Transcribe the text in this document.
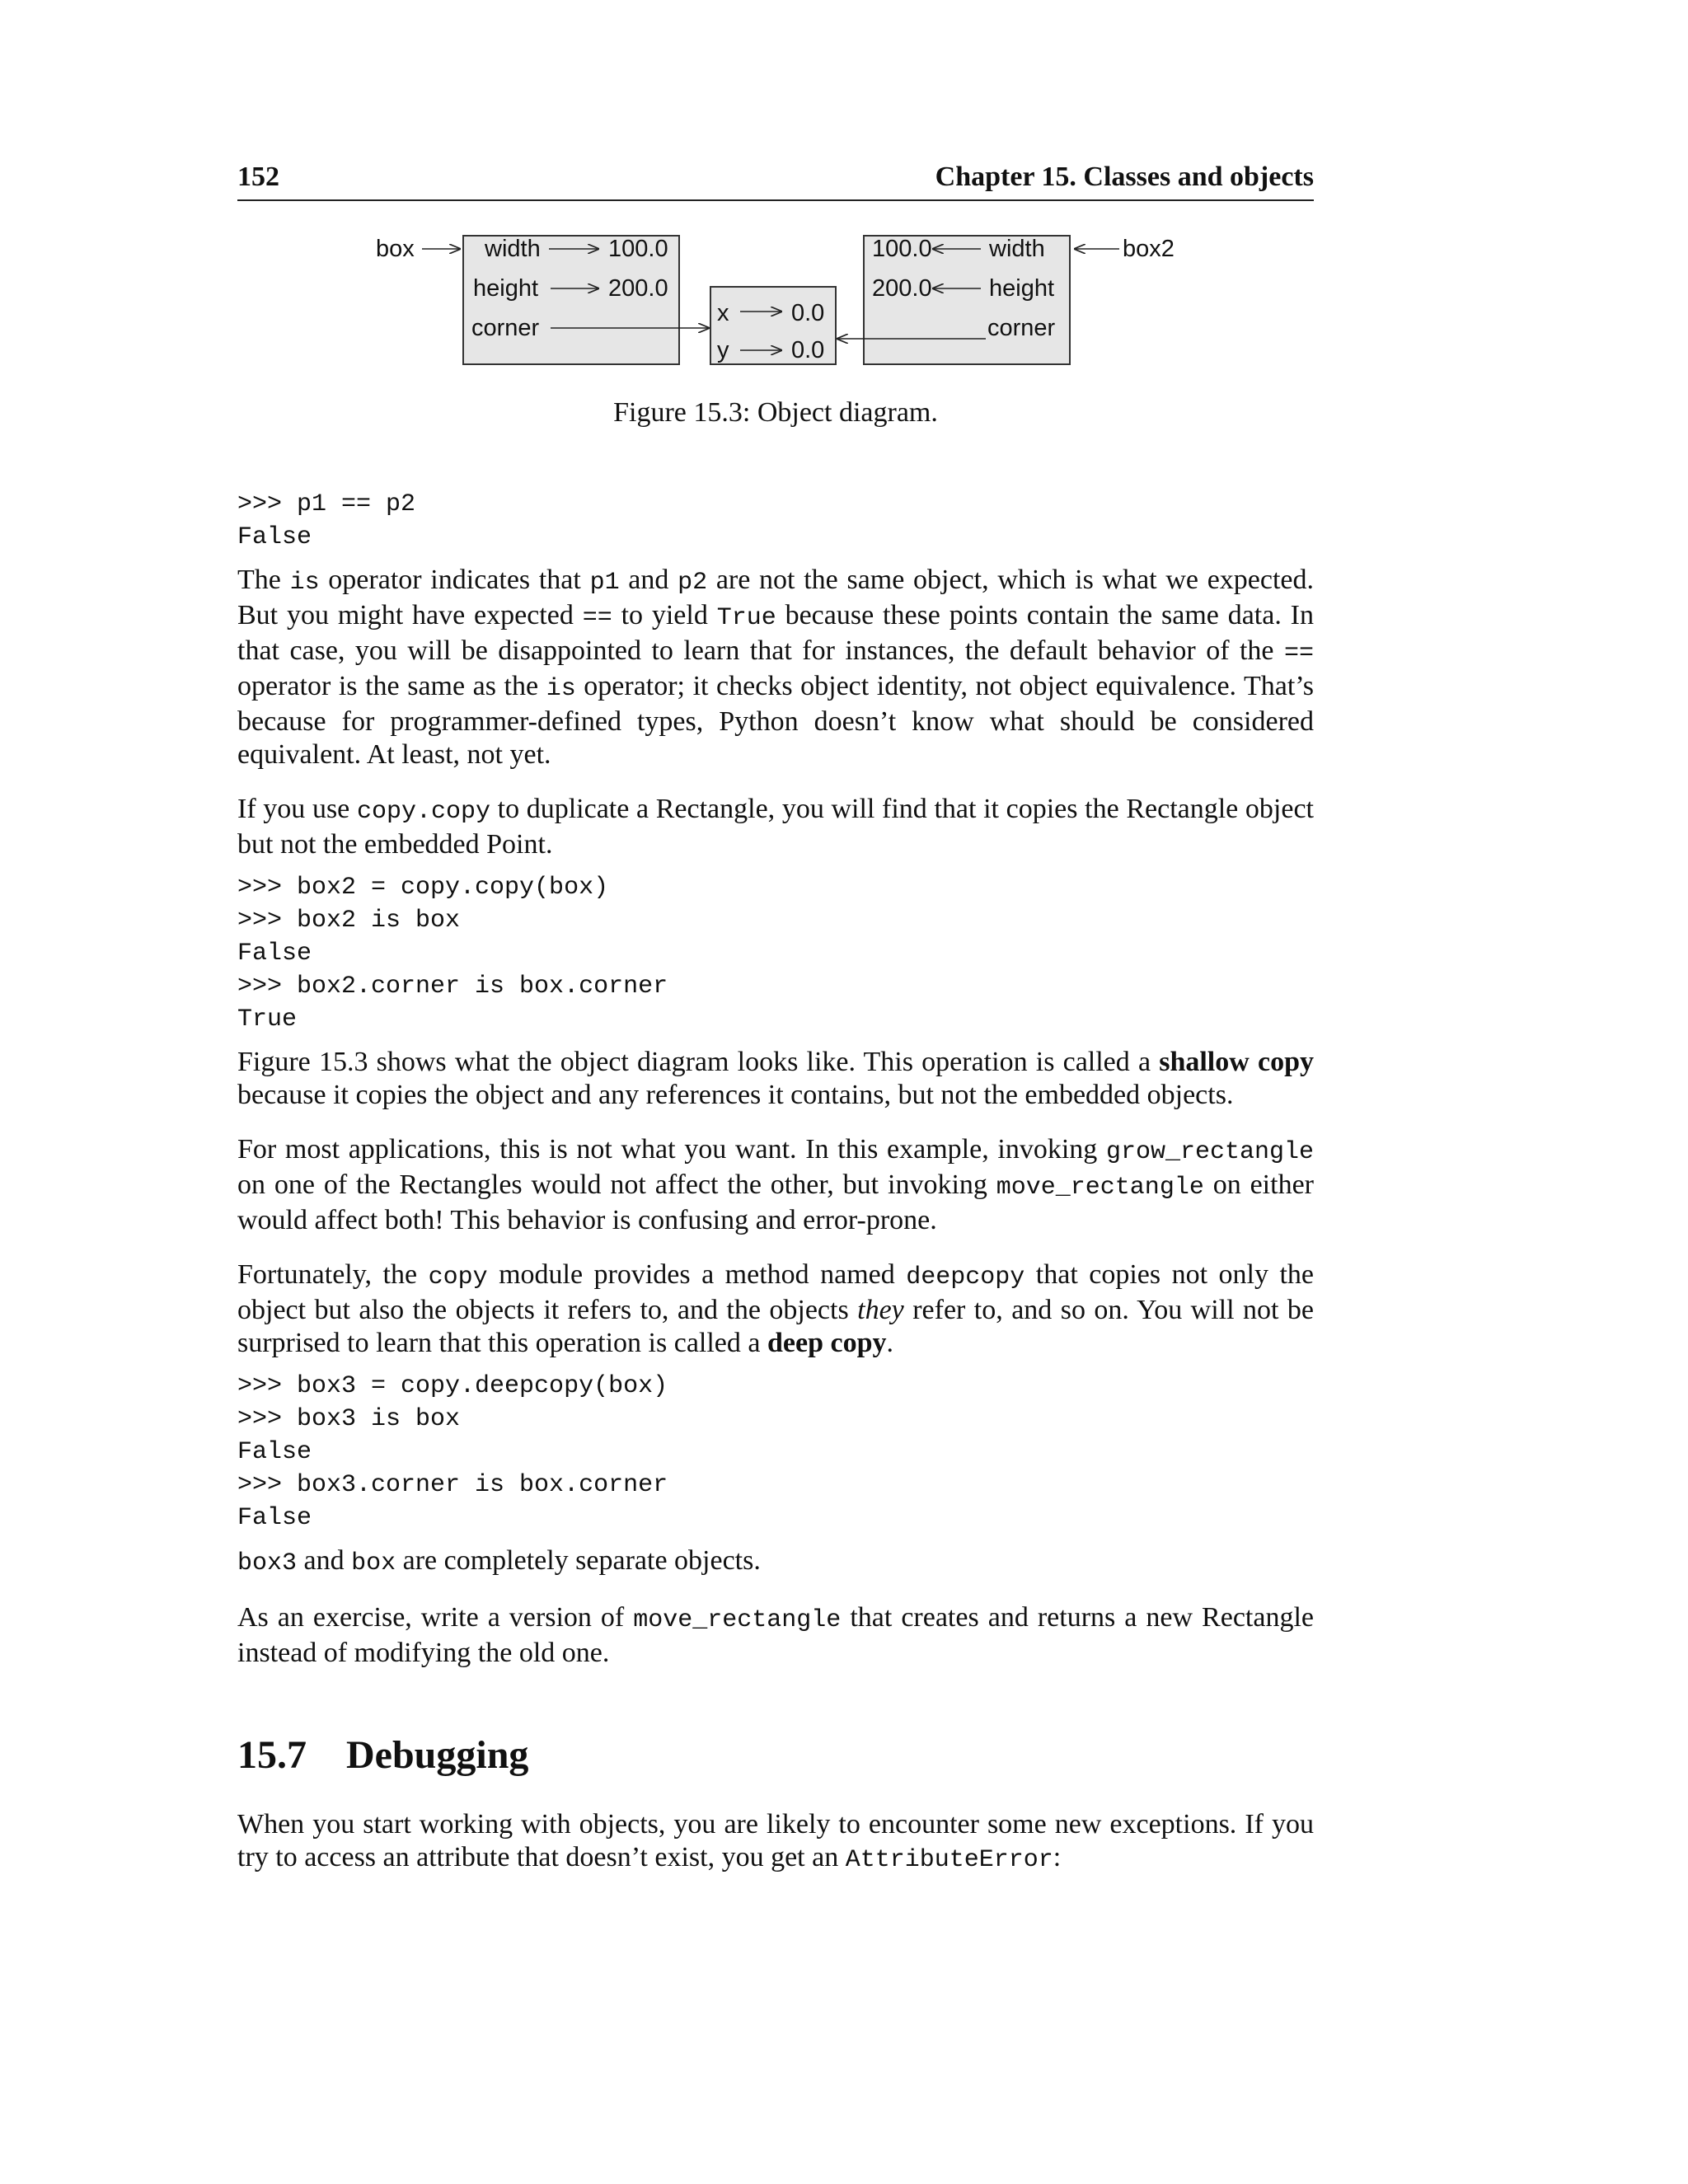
152	Chapter 15. Classes and objects
box	width	100.0
height	200.0
corner
x	0.0
y	0.0
100.0 width
200.0 height
corner
box2
Figure 15.3: Object diagram.
>>> p1 == p2
False

The is operator indicates that p1 and p2 are not the same object, which is what we expected. But you might have expected == to yield True because these points contain the same data. In that case, you will be disappointed to learn that for instances, the default behavior of the == operator is the same as the is operator; it checks object identity, not object equivalence. That’s because for programmer-defined types, Python doesn’t know what should be considered equivalent. At least, not yet.

If you use copy.copy to duplicate a Rectangle, you will find that it copies the Rectangle object but not the embedded Point.

>>> box2 = copy.copy(box)
>>> box2 is box
False
>>> box2.corner is box.corner
True

Figure 15.3 shows what the object diagram looks like. This operation is called a shallow copy because it copies the object and any references it contains, but not the embedded objects.

For most applications, this is not what you want. In this example, invoking grow_rectangle on one of the Rectangles would not affect the other, but invoking move_rectangle on either would affect both! This behavior is confusing and error-prone.

Fortunately, the copy module provides a method named deepcopy that copies not only the object but also the objects it refers to, and the objects they refer to, and so on. You will not be surprised to learn that this operation is called a deep copy.

>>> box3 = copy.deepcopy(box)
>>> box3 is box
False
>>> box3.corner is box.corner
False

box3 and box are completely separate objects.

As an exercise, write a version of move_rectangle that creates and returns a new Rectangle instead of modifying the old one.

15.7 Debugging

When you start working with objects, you are likely to encounter some new exceptions. If you try to access an attribute that doesn’t exist, you get an AttributeError:
